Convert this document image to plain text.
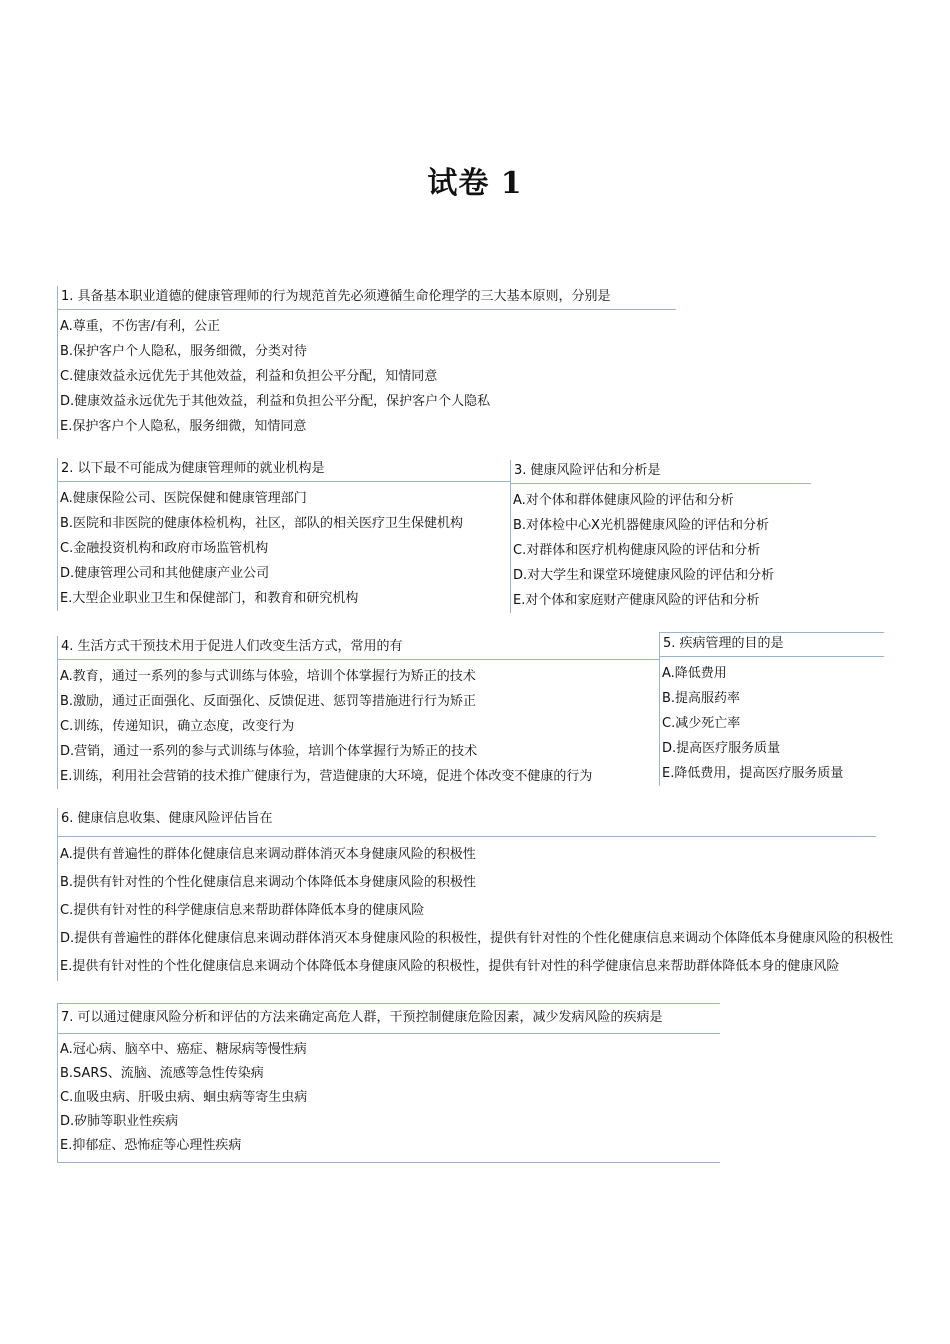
试卷 1
1. 具备基本职业道德的健康管理师的行为规范首先必须遵循生命伦理学的三大基本原则，分别是
A.尊重，不伤害/有利，公正
B.保护客户个人隐私，服务细微，分类对待
C.健康效益永远优先于其他效益，利益和负担公平分配，知情同意
D.健康效益永远优先于其他效益，利益和负担公平分配，保护客户个人隐私
E.保护客户个人隐私，服务细微，知情同意
2. 以下最不可能成为健康管理师的就业机构是
A.健康保险公司、医院保健和健康管理部门
B.医院和非医院的健康体检机构，社区，部队的相关医疗卫生保健机构
C.金融投资机构和政府市场监管机构
D.健康管理公司和其他健康产业公司
E.大型企业职业卫生和保健部门，和教育和研究机构
3. 健康风险评估和分析是
A.对个体和群体健康风险的评估和分析
B.对体检中心X光机器健康风险的评估和分析
C.对群体和医疗机构健康风险的评估和分析
D.对大学生和课堂环境健康风险的评估和分析
E.对个体和家庭财产健康风险的评估和分析
4. 生活方式干预技术用于促进人们改变生活方式，常用的有
A.教育，通过一系列的参与式训练与体验，培训个体掌握行为矫正的技术
B.激励，通过正面强化、反面强化、反馈促进、惩罚等措施进行行为矫正
C.训练，传递知识，确立态度，改变行为
D.营销，通过一系列的参与式训练与体验，培训个体掌握行为矫正的技术
E.训练，利用社会营销的技术推广健康行为，营造健康的大环境，促进个体改变不健康的行为
5. 疾病管理的目的是
A.降低费用
B.提高服药率
C.减少死亡率
D.提高医疗服务质量
E.降低费用，提高医疗服务质量
6. 健康信息收集、健康风险评估旨在
A.提供有普遍性的群体化健康信息来调动群体消灭本身健康风险的积极性
B.提供有针对性的个性化健康信息来调动个体降低本身健康风险的积极性
C.提供有针对性的科学健康信息来帮助群体降低本身的健康风险
D.提供有普遍性的群体化健康信息来调动群体消灭本身健康风险的积极性，提供有针对性的个性化健康信息来调动个体降低本身健康风险的积极性
E.提供有针对性的个性化健康信息来调动个体降低本身健康风险的积极性，提供有针对性的科学健康信息来帮助群体降低本身的健康风险
7. 可以通过健康风险分析和评估的方法来确定高危人群，干预控制健康危险因素，减少发病风险的疾病是
A.冠心病、脑卒中、癌症、糖尿病等慢性病
B.SARS、流脑、流感等急性传染病
C.血吸虫病、肝吸虫病、蛔虫病等寄生虫病
D.矽肺等职业性疾病
E.抑郁症、恐怖症等心理性疾病
